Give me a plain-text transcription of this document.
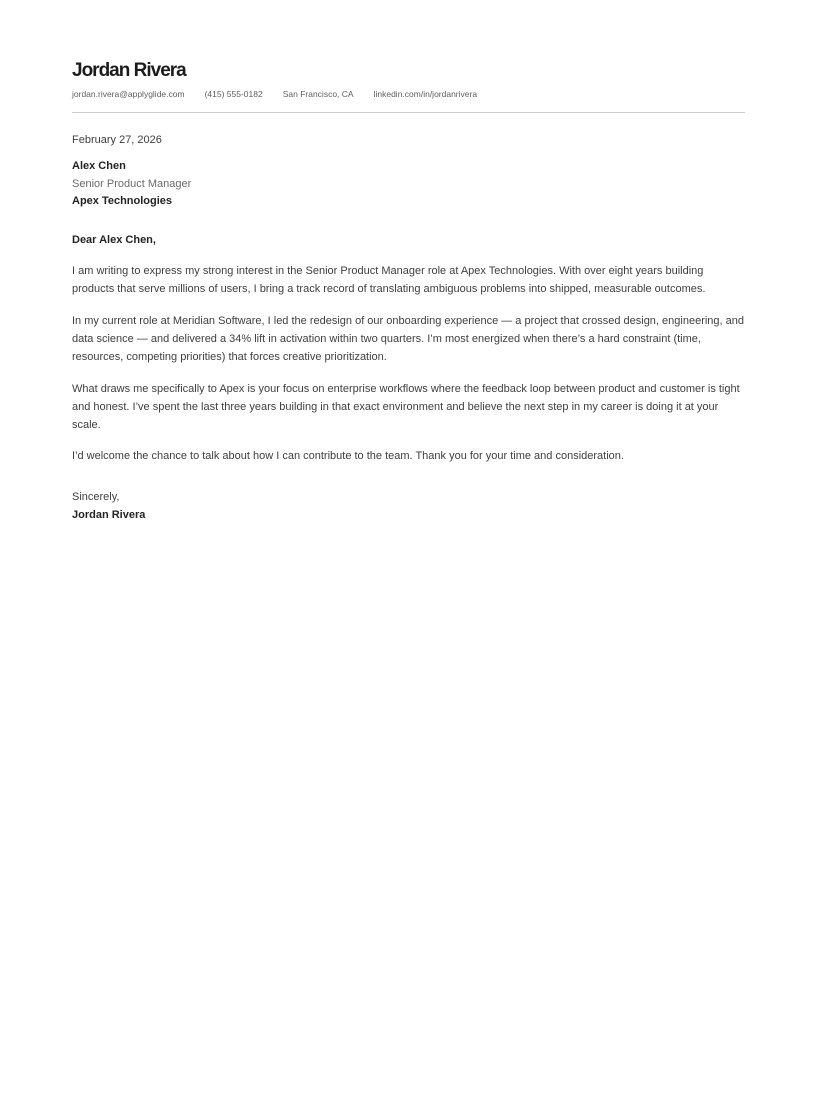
Jordan Rivera
jordan.rivera@applyglide.com (415) 555-0182 San Francisco, CA linkedin.com/in/jordanrivera
February 27, 2026
Alex Chen
Senior Product Manager
Apex Technologies
Dear Alex Chen,

I am writing to express my strong interest in the Senior Product Manager role at Apex Technologies. With over eight years building products that serve millions of users, I bring a track record of translating ambiguous problems into shipped, measurable outcomes.

In my current role at Meridian Software, I led the redesign of our onboarding experience — a project that crossed design, engineering, and data science — and delivered a 34% lift in activation within two quarters. I’m most energized when there’s a hard constraint (time, resources, competing priorities) that forces creative prioritization.

What draws me specifically to Apex is your focus on enterprise workflows where the feedback loop between product and customer is tight and honest. I’ve spent the last three years building in that exact environment and believe the next step in my career is doing it at your scale.

I’d welcome the chance to talk about how I can contribute to the team. Thank you for your time and consideration.

Sincerely,
Jordan Rivera
